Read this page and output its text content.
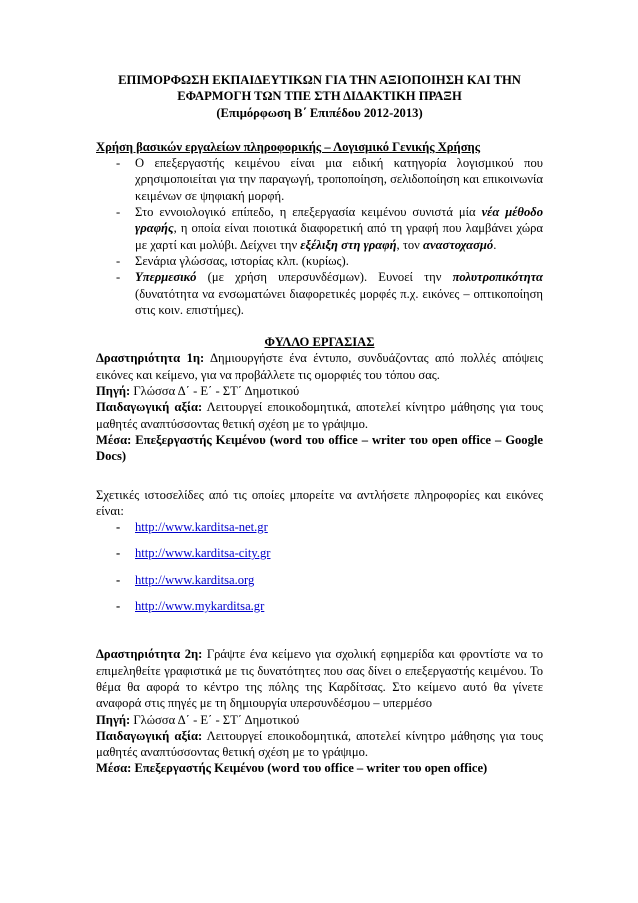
ΕΠΙΜΟΡΦΩΣΗ ΕΚΠΑΙΔΕΥΤΙΚΩΝ ΓΙΑ ΤΗΝ ΑΞΙΟΠΟΙΗΣΗ ΚΑΙ ΤΗΝ
ΕΦΑΡΜΟΓΗ ΤΩΝ ΤΠΕ ΣΤΗ ΔΙΔΑΚΤΙΚΗ ΠΡΑΞΗ
(Επιμόρφωση Β΄ Επιπέδου 2012-2013)
Χρήση βασικών εργαλείων πληροφορικής – Λογισμικό Γενικής Χρήσης
- Ο επεξεργαστής κειμένου είναι μια ειδική κατηγορία λογισμικού που χρησιμοποιείται για την παραγωγή, τροποποίηση, σελιδοποίηση και επικοινωνία κειμένων σε ψηφιακή μορφή.
- Στο εννοιολογικό επίπεδο, η επεξεργασία κειμένου συνιστά μία νέα μέθοδο γραφής, η οποία είναι ποιοτικά διαφορετική από τη γραφή που λαμβάνει χώρα με χαρτί και μολύβι. Δείχνει την εξέλιξη στη γραφή, τον αναστοχασμό.
- Σενάρια γλώσσας, ιστορίας κλπ. (κυρίως).
- Υπερμεσικό (με χρήση υπερσυνδέσμων). Ευνοεί την πολυτροπικότητα (δυνατότητα να ενσωματώνει διαφορετικές μορφές π.χ. εικόνες – οπτικοποίηση στις κοιν. επιστήμες).
ΦΥΛΛΟ ΕΡΓΑΣΙΑΣ
Δραστηριότητα 1η: Δημιουργήστε ένα έντυπο, συνδυάζοντας από πολλές απόψεις εικόνες και κείμενο, για να προβάλλετε τις ομορφιές του τόπου σας.
Πηγή: Γλώσσα Δ΄ - Ε΄ - ΣΤ΄ Δημοτικού
Παιδαγωγική αξία: Λειτουργεί εποικοδομητικά, αποτελεί κίνητρο μάθησης για τους μαθητές αναπτύσσοντας θετική σχέση με το γράψιμο.
Μέσα: Επεξεργαστής Κειμένου (word του office – writer του open office – Google Docs)
Σχετικές ιστοσελίδες από τις οποίες μπορείτε να αντλήσετε πληροφορίες και εικόνες είναι:
- http://www.karditsa-net.gr
- http://www.karditsa-city.gr
- http://www.karditsa.org
- http://www.mykarditsa.gr
Δραστηριότητα 2η: Γράψτε ένα κείμενο για σχολική εφημερίδα και φροντίστε να το επιμεληθείτε γραφιστικά με τις δυνατότητες που σας δίνει ο επεξεργαστής κειμένου. Το θέμα θα αφορά το κέντρο της πόλης της Καρδίτσας. Στο κείμενο αυτό θα γίνετε αναφορά στις πηγές με τη δημιουργία υπερσυνδέσμου – υπερμέσο
Πηγή: Γλώσσα Δ΄ - Ε΄ - ΣΤ΄ Δημοτικού
Παιδαγωγική αξία: Λειτουργεί εποικοδομητικά, αποτελεί κίνητρο μάθησης για τους μαθητές αναπτύσσοντας θετική σχέση με το γράψιμο.
Μέσα: Επεξεργαστής Κειμένου (word του office – writer του open office)
